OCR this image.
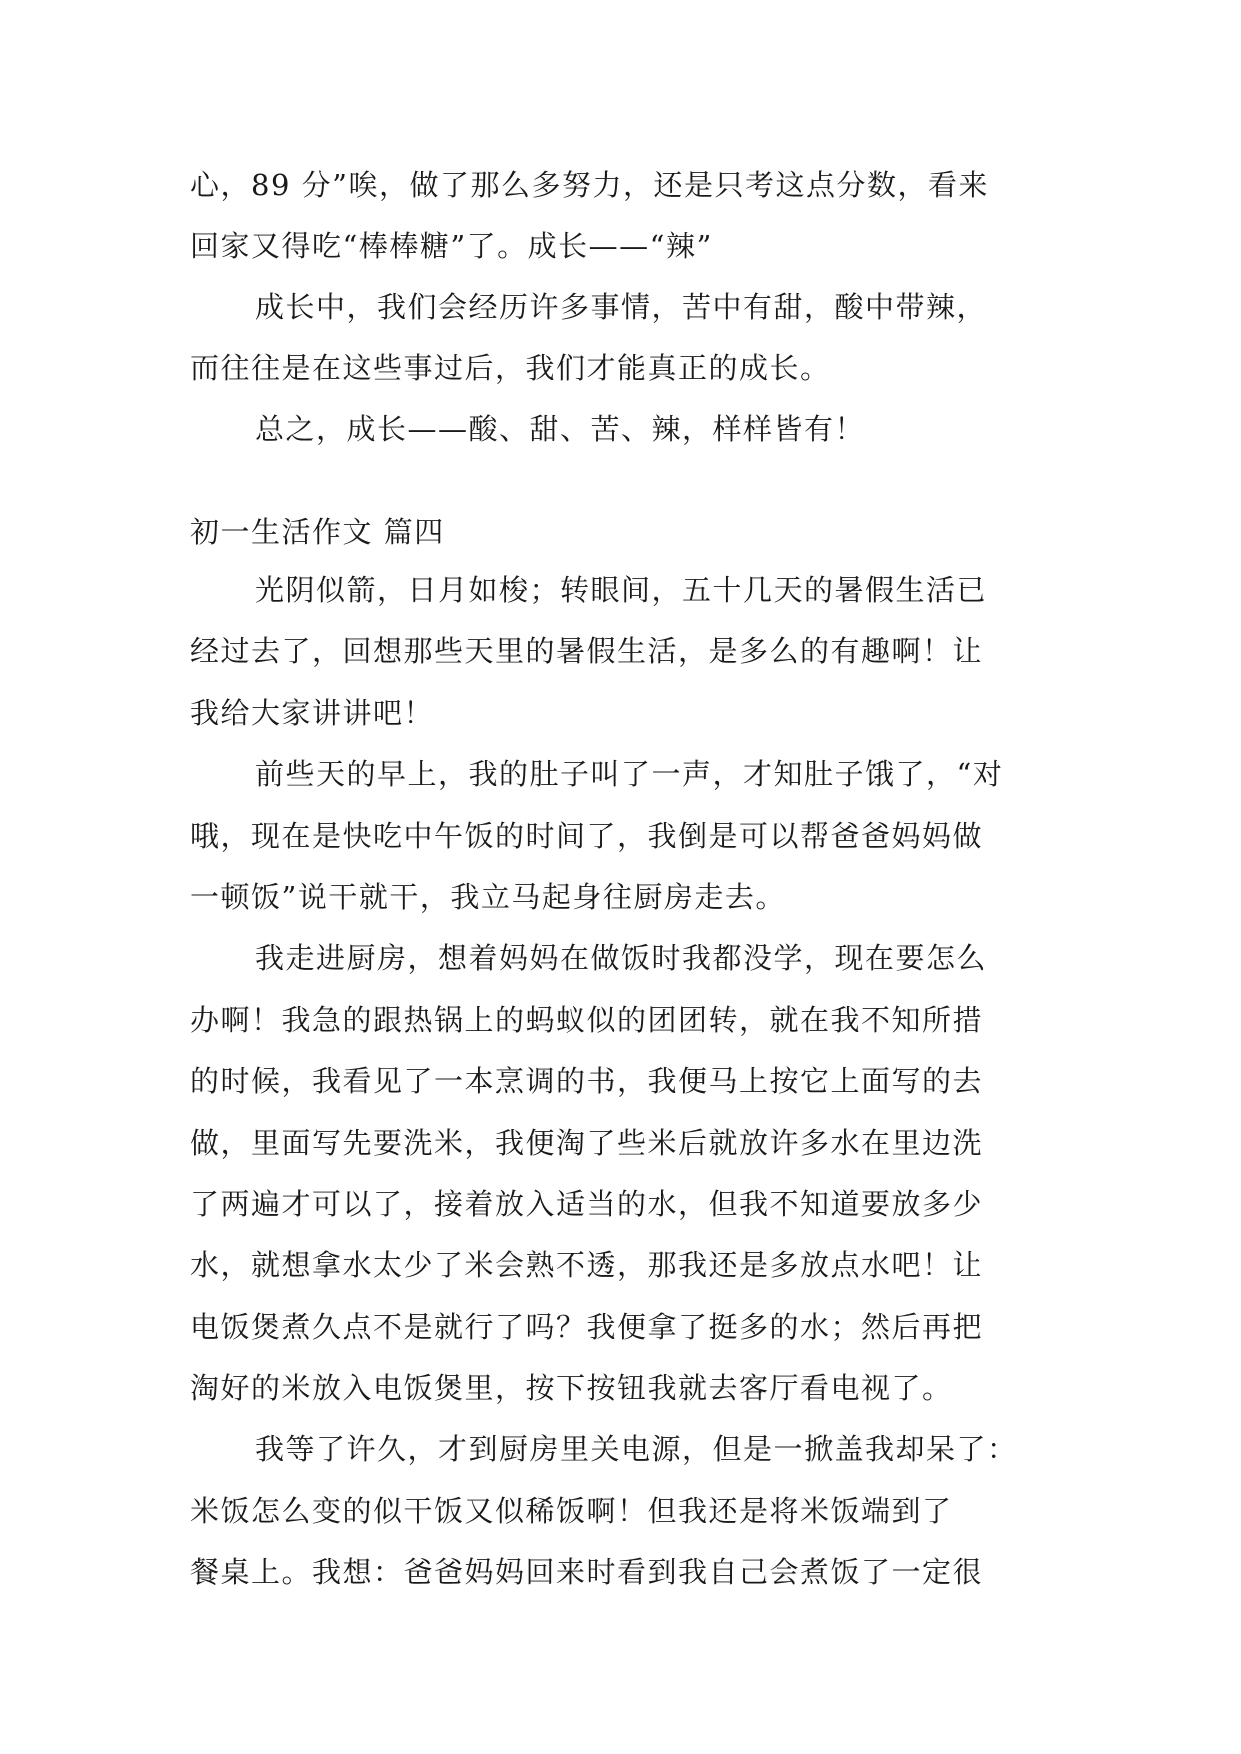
心，89 分”唉，做了那么多努力，还是只考这点分数，看来
回家又得吃“棒棒糖”了。成长——“辣”
成长中，我们会经历许多事情，苦中有甜，酸中带辣，
而往往是在这些事过后，我们才能真正的成长。
总之，成长——酸、甜、苦、辣，样样皆有！
初一生活作文 篇四
光阴似箭，日月如梭；转眼间，五十几天的暑假生活已
经过去了，回想那些天里的暑假生活，是多么的有趣啊！让
我给大家讲讲吧！
前些天的早上，我的肚子叫了一声，才知肚子饿了，“对
哦，现在是快吃中午饭的时间了，我倒是可以帮爸爸妈妈做
一顿饭”说干就干，我立马起身往厨房走去。
我走进厨房，想着妈妈在做饭时我都没学，现在要怎么
办啊！我急的跟热锅上的蚂蚁似的团团转，就在我不知所措
的时候，我看见了一本烹调的书，我便马上按它上面写的去
做，里面写先要洗米，我便淘了些米后就放许多水在里边洗
了两遍才可以了，接着放入适当的水，但我不知道要放多少
水，就想拿水太少了米会熟不透，那我还是多放点水吧！让
电饭煲煮久点不是就行了吗？我便拿了挺多的水；然后再把
淘好的米放入电饭煲里，按下按钮我就去客厅看电视了。
我等了许久，才到厨房里关电源，但是一掀盖我却呆了：
米饭怎么变的似干饭又似稀饭啊！但我还是将米饭端到了
餐桌上。我想：爸爸妈妈回来时看到我自己会煮饭了一定很
